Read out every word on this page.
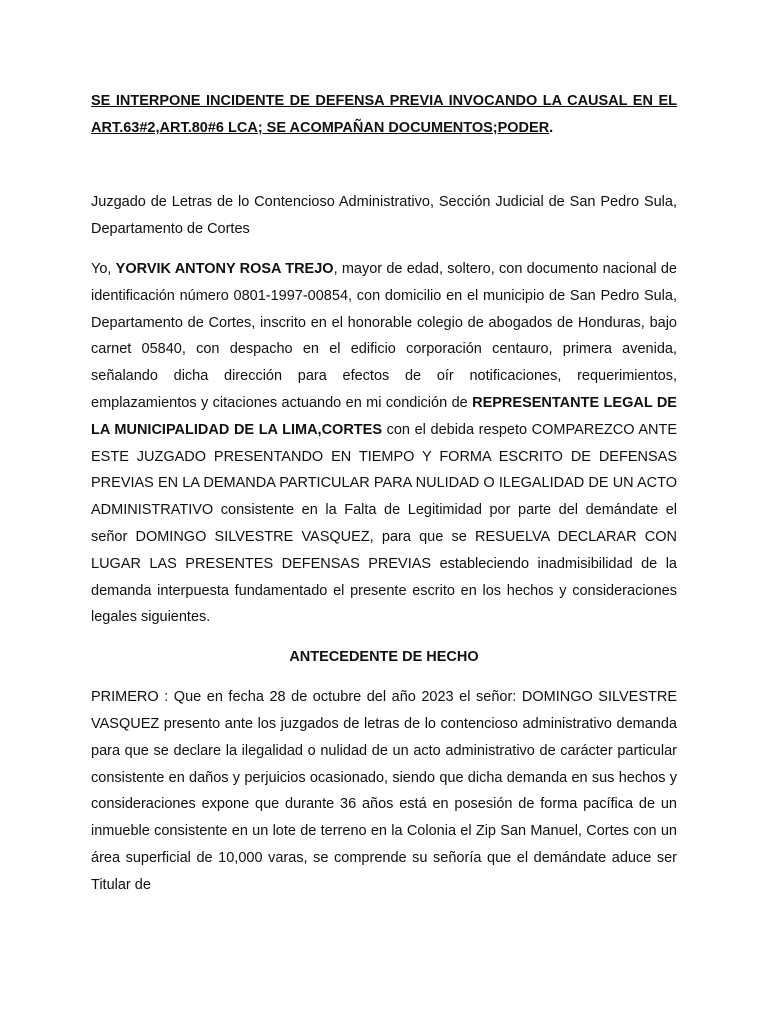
SE INTERPONE INCIDENTE DE DEFENSA PREVIA INVOCANDO LA CAUSAL EN EL ART.63#2,ART.80#6 LCA; SE ACOMPAÑAN DOCUMENTOS;PODER.

Juzgado de Letras de lo Contencioso Administrativo, Sección Judicial de San Pedro Sula, Departamento de Cortes
Yo, YORVIK ANTONY ROSA TREJO, mayor de edad, soltero, con documento nacional de identificación número 0801-1997-00854, con domicilio en el municipio de San Pedro Sula, Departamento de Cortes, inscrito en el honorable colegio de abogados de Honduras, bajo carnet 05840, con despacho en el edificio corporación centauro, primera avenida, señalando dicha dirección para efectos de oír notificaciones, requerimientos, emplazamientos y citaciones actuando en mi condición de REPRESENTANTE LEGAL DE LA MUNICIPALIDAD DE LA LIMA,CORTES con el debida respeto COMPAREZCO ANTE ESTE JUZGADO PRESENTANDO EN TIEMPO Y FORMA ESCRITO DE DEFENSAS PREVIAS EN LA DEMANDA PARTICULAR PARA NULIDAD O ILEGALIDAD DE UN ACTO ADMINISTRATIVO consistente en la Falta de Legitimidad por parte del demándate el señor DOMINGO SILVESTRE VASQUEZ, para que se RESUELVA DECLARAR CON LUGAR LAS PRESENTES DEFENSAS PREVIAS estableciendo inadmisibilidad de la demanda interpuesta fundamentado el presente escrito en los hechos y consideraciones legales siguientes.
ANTECEDENTE DE HECHO
PRIMERO : Que en fecha 28 de octubre del año 2023 el señor: DOMINGO SILVESTRE VASQUEZ presento ante los juzgados de letras de lo contencioso administrativo demanda para que se declare la ilegalidad o nulidad de un acto administrativo de carácter particular consistente en daños y perjuicios ocasionado, siendo que dicha demanda en sus hechos y consideraciones expone que durante 36 años está en posesión de forma pacífica de un inmueble consistente en un lote de terreno en la Colonia el Zip San Manuel, Cortes con un área superficial de 10,000 varas, se comprende su señoría que el demándate aduce ser Titular de
